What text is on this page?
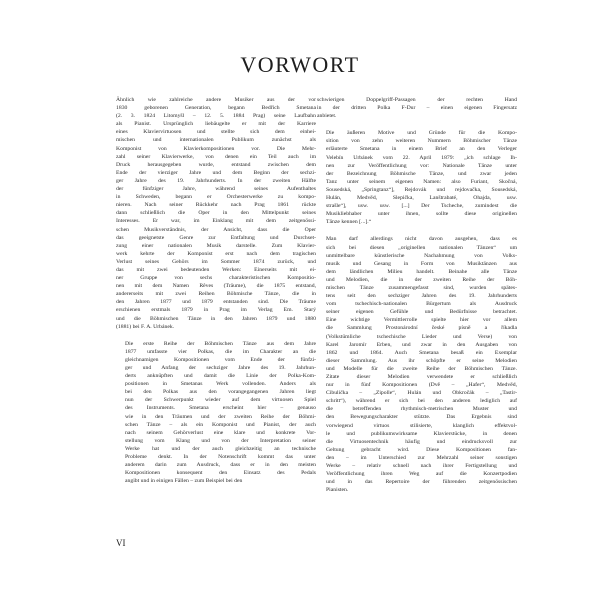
VORWORT

Ähnlich wie zahlreiche andere Musiker aus der vor
1830 geborenen Generation, begann Bedřich Smetana
(2. 3. 1824 Litomyšl – 12. 5. 1884 Prag) seine Laufbahn
als Pianist. Ursprünglich liebäugelte er mit der Karriere
eines Klaviervirtuosen und stellte sich dem einhei-
mischen und internationalen Publikum zunächst als
Komponist von Klavierkompositionen vor. Die Mehr-
zahl seiner Klavierwerke, von denen ein Teil auch im
Druck herausgegeben wurde, entstand zwischen dem
Ende der vierziger Jahre und dem Beginn der sechzi-
ger Jahre des 19. Jahrhunderts. In der zweiten Hälfte
der fünfziger Jahre, während seines Aufenthaltes
in Schweden, begann er Orchesterwerke zu kompo-
nieren. Nach seiner Rückkehr nach Prag 1861 rückte
dann schließlich die Oper in den Mittelpunkt seines
Interesses. Er war, im Einklang mit dem zeitgenössi-
schen Musikverständnis, der Ansicht, dass die Oper
das geeignetste Genre zur Entfaltung und Durchset-
zung einer nationalen Musik darstelle. Zum Klavier-
werk kehrte der Komponist erst nach dem tragischen
Verlust seines Gehörs im Sommer 1874 zurück, und
das mit zwei bedeutenden Werken: Einerseits mit ei-
ner Gruppe von sechs charakteristischen Kompositio-
nen mit dem Namen Rêves (Träume), die 1875 entstand,
andererseits mit zwei Reihen Böhmische Tänze, die in
den Jahren 1877 und 1879 entstanden sind. Die Träume
erschienen erstmals 1879 in Prag im Verlag Em. Starý
und die Böhmischen Tänze in den Jahren 1879 und 1880
(1881) bei F. A. Urbánek.

Die erste Reihe der Böhmischen Tänze aus dem Jahre
1877 umfasste vier Polkas, die im Charakter an die
gleichnamigen Kompositionen vom Ende der fünfzi-
ger und Anfang der sechziger Jahre des 19. Jahrhun-
derts anknüpften und damit die Linie der Polka-Kom-
positionen in Smetanas Werk vollenden. Anders als
bei den Polkas aus den vorangegangenen Jahren liegt
nun der Schwerpunkt wieder auf dem virtuosen Spiel
des Instruments. Smetana erscheint hier – genauso
wie in den Träumen und der zweiten Reihe der Böhmi-
schen Tänze – als ein Komponist und Pianist, der auch
nach seinem Gehörverlust eine klare und konkrete Vor-
stellung vom Klang und von der Interpretation seiner
Werke hat und der auch gleichzeitig an technische
Probleme denkt. In der Notenschrift kommt das unter
anderem darin zum Ausdruck, dass er in den meisten
Kompositionen konsequent den Einsatz des Pedals
angibt und in einigen Fällen – zum Beispiel bei den

schwierigen Doppelgriff-Passagen der rechten Hand
in der dritten Polka F-Dur – einen eigenen Fingersatz
anbietet.

Die äußeren Motive und Gründe für die Kompo-
sition von zehn weiteren Nummern Böhmischer Tänze
erläuterte Smetana in einem Brief an den Verleger
Velebín Urbánek vom 22. April 1879: „ich schlage Ih-
nen zur Veröffentlichung vor: Nationale Tänze unter
der Bezeichnung Böhmische Tänze, und zwar jeden
Tanz unter seinem eigenen Namen: also Furiant, Skočná,
Sousedská, „Springtanz“], Rejdovák und rejdovačka, Sousedská,
Hulán, Medvěd, Slepička, Lanštrabaté, Ohajda, usw.
strašle“], usw. usw. [...] Der Tscheche, zumindest die
Musikliebhaber unter ihnen, sollte diese originellen
Tänze kennen [...].“

Man darf allerdings nicht davon ausgehen, dass es
sich bei diesen „originellen nationalen Tänzen“ um
unmittelbare künstlerische Nachahmung von Volks-
musik und Gesang in Form von Musiktänzen aus
dem ländlichen Milieu handelt. Beinahe alle Tänze
und Melodien, die in der zweiten Reihe der Böh-
mischen Tänze zusammengefasst sind, wurden spätes-
tens seit den sechziger Jahren des 19. Jahrhunderts
vom tschechisch-nationalen Bürgertum als Ausdruck
seiner eigenen Gefühle und Bedürfnisse betrachtet.
Eine wichtige Vermittlerrolle spielte hier vor allem
die Sammlung Prostonárodní české písně a říkadla
(Volkstümliche tschechische Lieder und Verse) von
Karel Jaromír Erben, und zwar in den Ausgaben von
1862 und 1864. Auch Smetana besaß ein Exemplar
dieser Sammlung. Aus ihr schöpfte er seine Melodien
und Modelle für die zweite Reihe der Böhmischen Tänze.
Zitate dieser Melodien verwendete er schließlich
nur in fünf Kompositionen (Dvě – „Hafer“, Medvěd,
Cibulička – „Zipolle“, Hulán und Obkročák – „Tastir-
schritt“), während er sich bei den anderen lediglich auf
die betreffenden rhythmisch-metrischen Muster und
den Bewegungscharakter stützte. Das Ergebnis sind
vorwiegend virtuos stilisierte, klanglich effektvol-
le und publikumswirksame Klavierstücke, in denen
die Virtuosentechnik häufig und eindrucksvoll zur
Geltung gebracht wird. Diese Kompositionen fan-
den – im Unterschied zur Mehrzahl seiner sonstigen
Werke – relativ schnell nach ihrer Fertigstellung und
Veröffentlichung ihren Weg auf die Konzertpodien
und in das Repertoire der führenden zeitgenössischen
Pianisten.

VI
